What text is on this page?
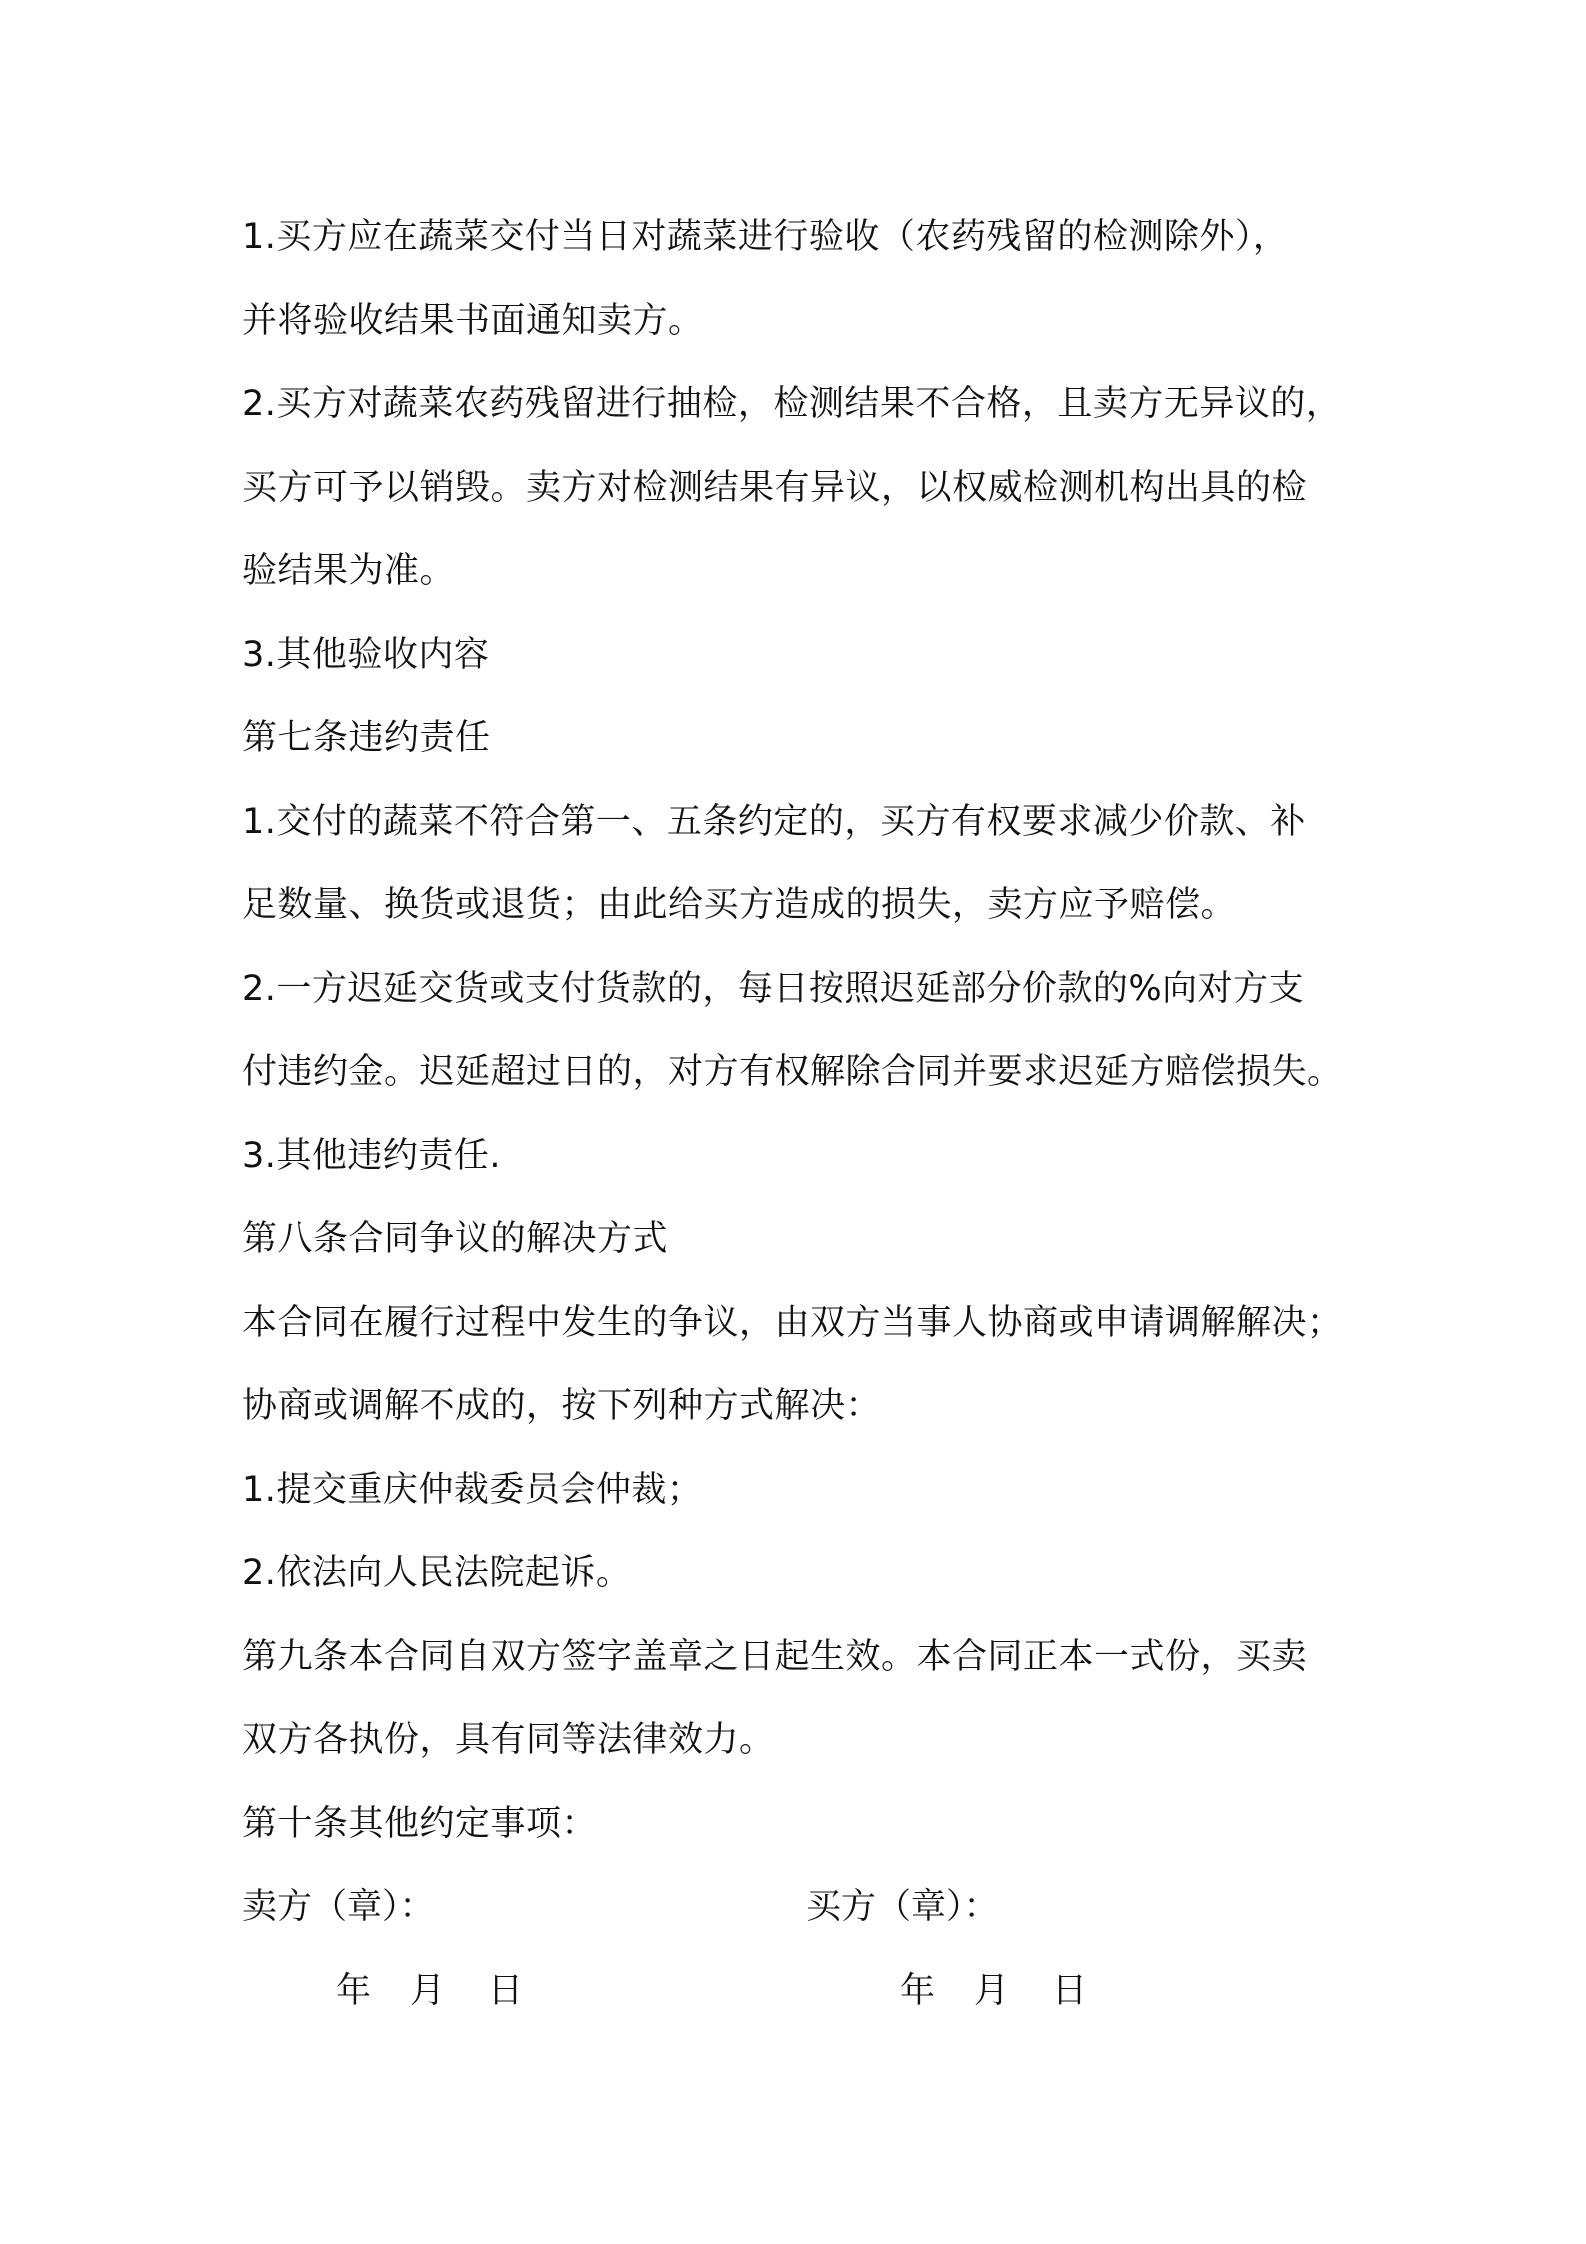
1.买方应在蔬菜交付当日对蔬菜进行验收（农药残留的检测除外），
并将验收结果书面通知卖方。
2.买方对蔬菜农药残留进行抽检，检测结果不合格，且卖方无异议的，
买方可予以销毁。卖方对检测结果有异议，以权威检测机构出具的检
验结果为准。
3.其他验收内容
第七条违约责任
1.交付的蔬菜不符合第一、五条约定的，买方有权要求减少价款、补
足数量、换货或退货；由此给买方造成的损失，卖方应予赔偿。
2.一方迟延交货或支付货款的，每日按照迟延部分价款的%向对方支
付违约金。迟延超过日的，对方有权解除合同并要求迟延方赔偿损失。
3.其他违约责任.
第八条合同争议的解决方式
本合同在履行过程中发生的争议，由双方当事人协商或申请调解解决；
协商或调解不成的，按下列种方式解决：
1.提交重庆仲裁委员会仲裁；
2.依法向人民法院起诉。
第九条本合同自双方签字盖章之日起生效。本合同正本一式份，买卖
双方各执份，具有同等法律效力。
第十条其他约定事项：
卖方（章）：	买方（章）：
年 月 日	年 月 日
